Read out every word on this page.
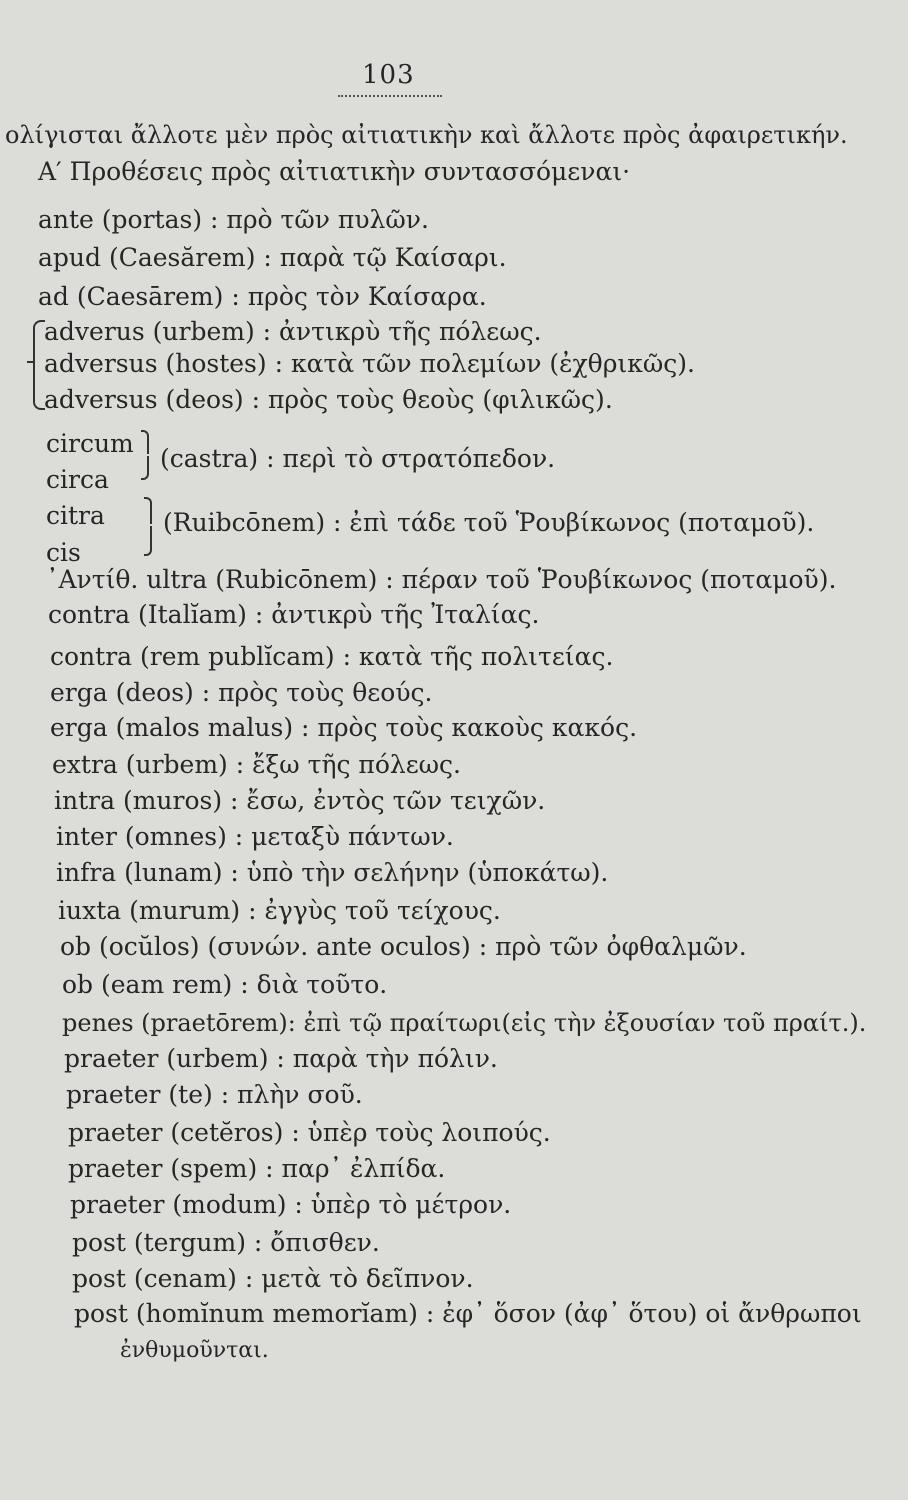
103
ολίγισται ἄλλοτε μὲν πρὸς αἰτιατικὴν καὶ ἄλλοτε πρὸς ἀφαιρετικήν.
Α′ Προθέσεις πρὸς αἰτιατικὴν συντασσόμεναι·
ante (portas) : πρὸ τῶν πυλῶν.
apud (Caesărem) : παρὰ τῷ Καίσαρι.
ad (Caesārem) : πρὸς τὸν Καίσαρα.
adverus (urbem) : ἀντικρὺ τῆς πόλεως.
adversus (hostes) : κατὰ τῶν πολεμίων (ἐχθρικῶς).
adversus (deos) : πρὸς τοὺς θεοὺς (φιλικῶς).
circum
(castra) : περὶ τὸ στρατόπεδον.
circa
citra (Ruibcōnem) : ἐπὶ τάδε τοῦ Ῥουβίκωνος (ποταμοῦ).
cis
᾿Αντίθ. ultra (Rubicōnem) : πέραν τοῦ Ῥουβίκωνος (ποταμοῦ).
contra (Italĭam) : ἀντικρὺ τῆς Ἰταλίας.
contra (rem publĭcam) : κατὰ τῆς πολιτείας.
erga (deos) : πρὸς τοὺς θεούς.
erga (malos malus) : πρὸς τοὺς κακοὺς κακός.
extra (urbem) : ἔξω τῆς πόλεως.
intra (muros) : ἔσω, ἐντὸς τῶν τειχῶν.
inter (omnes) : μεταξὺ πάντων.
infra (lunam) : ὑπὸ τὴν σελήνην (ὑποκάτω).
iuxta (murum) : ἐγγὺς τοῦ τείχους.
ob (ocŭlos) (συνών. ante oculos) : πρὸ τῶν ὀφθαλμῶν.
ob (eam rem) : διὰ τοῦτο.
penes (praetōrem): ἐπὶ τῷ πραίτωρι(εἰς τὴν ἐξουσίαν τοῦ πραίτ.).
praeter (urbem) : παρὰ τὴν πόλιν.
praeter (te) : πλὴν σοῦ.
praeter (cetĕros) : ὑπὲρ τοὺς λοιπούς.
praeter (spem) : παρ᾿ ἐλπίδα.
praeter (modum) : ὑπὲρ τὸ μέτρον.
post (tergum) : ὄπισθεν.
post (cenam) : μετὰ τὸ δεῖπνον.
post (homĭnum memorĭam) : ἐφ᾿ ὅσον (ἀφ᾿ ὅτου) οἱ ἄνθρωποι
ἐνθυμοῦνται.
